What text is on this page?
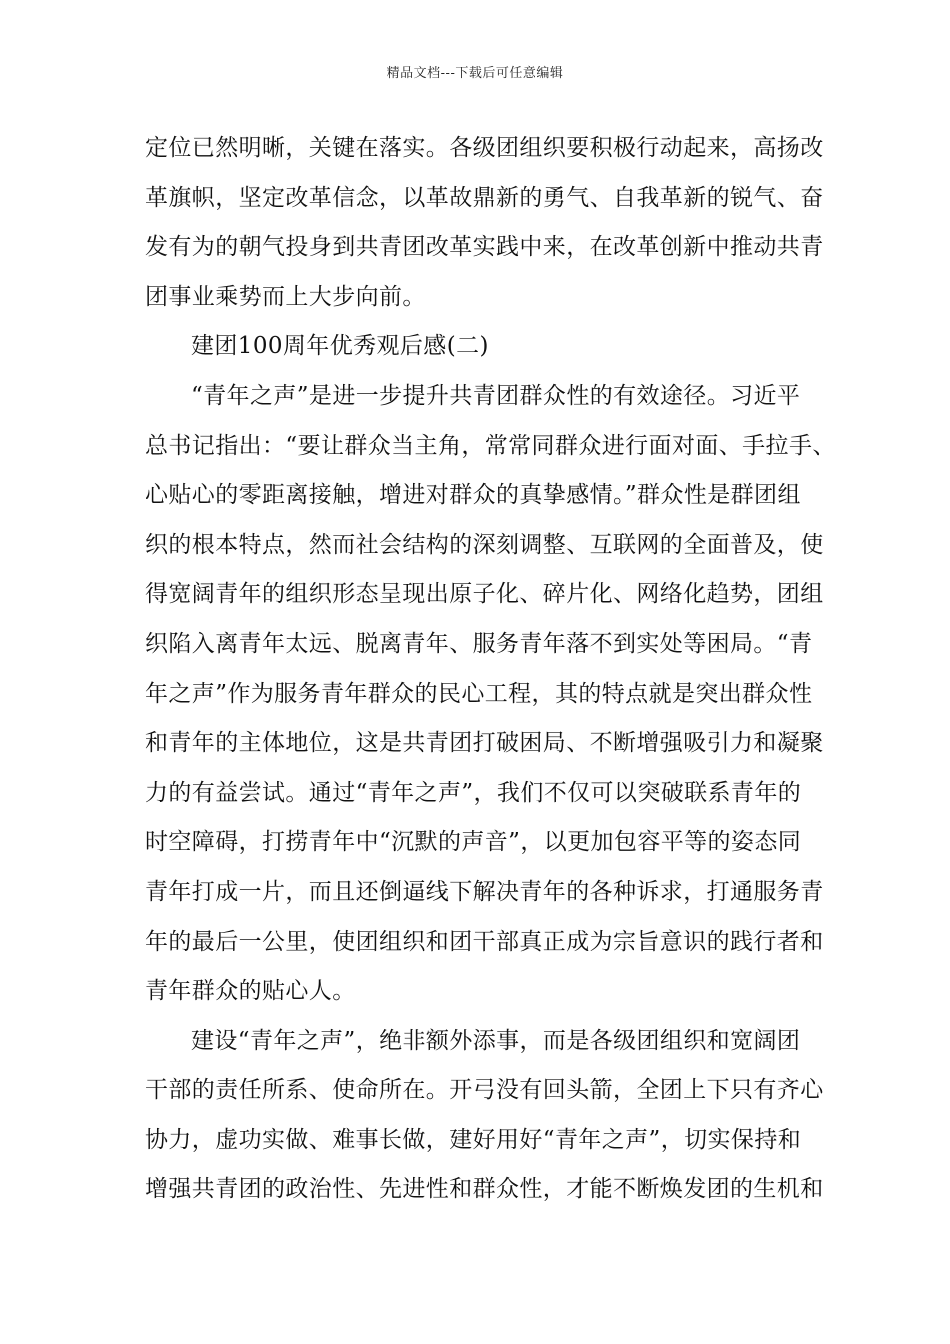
精品文档---下载后可任意编辑
定位已然明晰，关键在落实。各级团组织要积极行动起来，高扬改
革旗帜，坚定改革信念，以革故鼎新的勇气、自我革新的锐气、奋
发有为的朝气投身到共青团改革实践中来，在改革创新中推动共青
团事业乘势而上大步向前。
建团100周年优秀观后感(二)
“青年之声”是进一步提升共青团群众性的有效途径。习近平
总书记指出：“要让群众当主角，常常同群众进行面对面、手拉手、
心贴心的零距离接触，增进对群众的真挚感情。”群众性是群团组
织的根本特点，然而社会结构的深刻调整、互联网的全面普及，使
得宽阔青年的组织形态呈现出原子化、碎片化、网络化趋势，团组
织陷入离青年太远、脱离青年、服务青年落不到实处等困局。“青
年之声”作为服务青年群众的民心工程，其的特点就是突出群众性
和青年的主体地位，这是共青团打破困局、不断增强吸引力和凝聚
力的有益尝试。通过“青年之声”，我们不仅可以突破联系青年的
时空障碍，打捞青年中“沉默的声音”，以更加包容平等的姿态同
青年打成一片，而且还倒逼线下解决青年的各种诉求，打通服务青
年的最后一公里，使团组织和团干部真正成为宗旨意识的践行者和
青年群众的贴心人。
建设“青年之声”，绝非额外添事，而是各级团组织和宽阔团
干部的责任所系、使命所在。开弓没有回头箭，全团上下只有齐心
协力，虚功实做、难事长做，建好用好“青年之声”，切实保持和
增强共青团的政治性、先进性和群众性，才能不断焕发团的生机和
